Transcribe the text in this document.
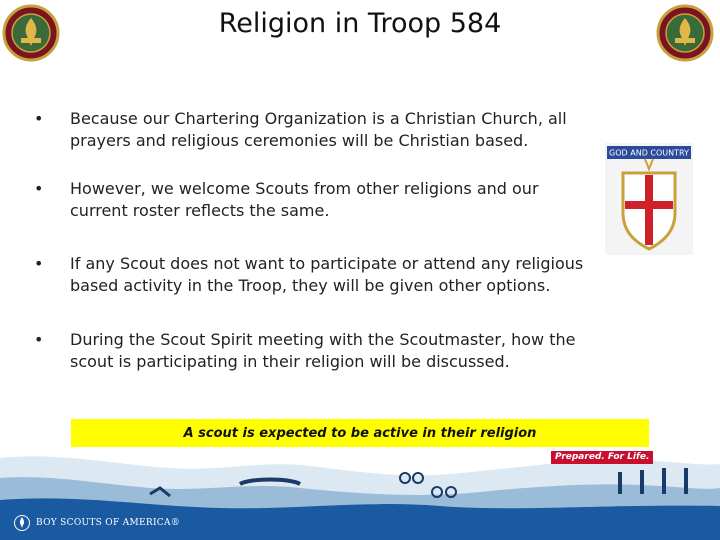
Religion in Troop 584
• Because our Chartering Organization is a Christian Church, all prayers and religious ceremonies will be Christian based.
• However, we welcome Scouts from other religions and our current roster reflects the same.
• If any Scout does not want to participate or attend any religious based activity in the Troop, they will be given other options.
• During the Scout Spirit meeting with the Scoutmaster, how the scout is participating in their religion will be discussed.
GOD AND COUNTRY
A scout is expected to be active in their religion
Prepared. For Life.
BOY SCOUTS OF AMERICA®
